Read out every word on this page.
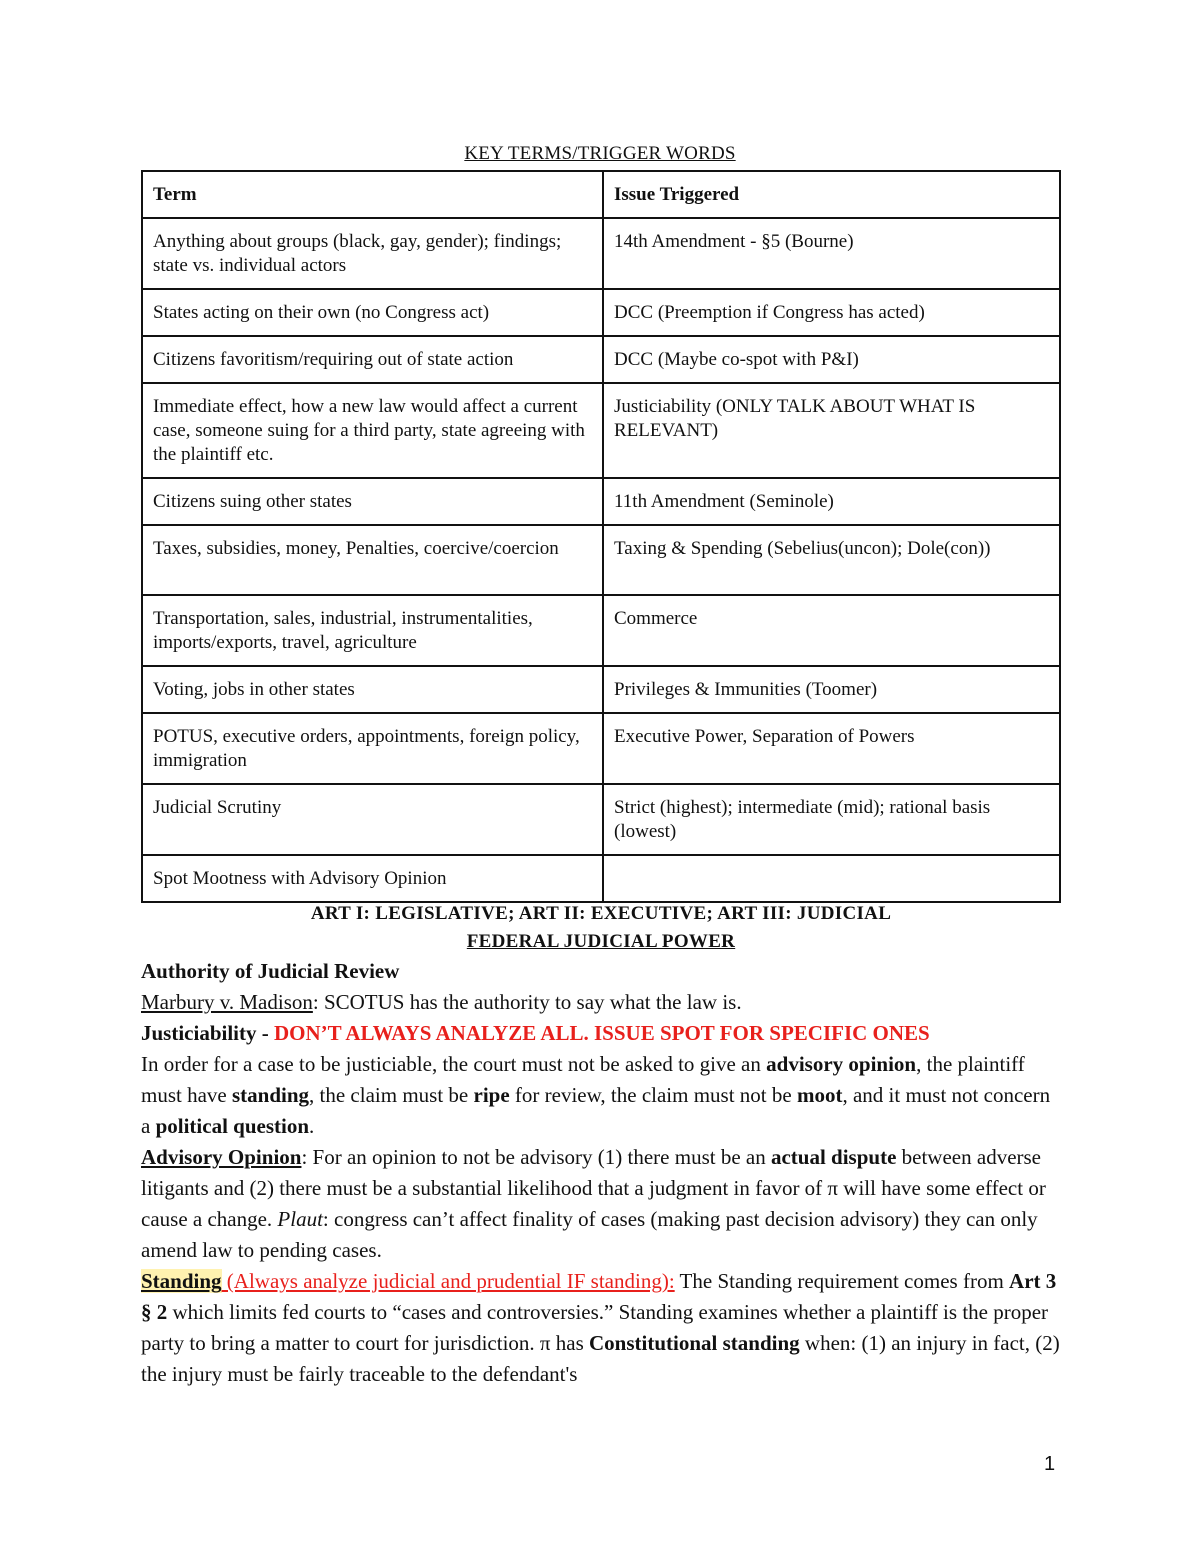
KEY TERMS/TRIGGER WORDS
Term	Issue Triggered
Anything about groups (black, gay, gender); findings; state vs. individual actors	14th Amendment - §5 (Bourne)
States acting on their own (no Congress act)	DCC (Preemption if Congress has acted)
Citizens favoritism/requiring out of state action	DCC (Maybe co-spot with P&I)
Immediate effect, how a new law would affect a current case, someone suing for a third party, state agreeing with the plaintiff etc.	Justiciability (ONLY TALK ABOUT WHAT IS RELEVANT)
Citizens suing other states	11th Amendment (Seminole)
Taxes, subsidies, money, Penalties, coercive/coercion	Taxing & Spending (Sebelius(uncon); Dole(con))
Transportation, sales, industrial, instrumentalities, imports/exports, travel, agriculture	Commerce
Voting, jobs in other states	Privileges & Immunities (Toomer)
POTUS, executive orders, appointments, foreign policy, immigration	Executive Power, Separation of Powers
Judicial Scrutiny	Strict (highest); intermediate (mid); rational basis (lowest)
Spot Mootness with Advisory Opinion	
ART I: LEGISLATIVE; ART II: EXECUTIVE; ART III: JUDICIAL
FEDERAL JUDICIAL POWER

Authority of Judicial Review

Marbury v. Madison: SCOTUS has the authority to say what the law is.

Justiciability - DON’T ALWAYS ANALYZE ALL. ISSUE SPOT FOR SPECIFIC ONES

In order for a case to be justiciable, the court must not be asked to give an advisory opinion, the plaintiff must have standing, the claim must be ripe for review, the claim must not be moot, and it must not concern a political question.

Advisory Opinion: For an opinion to not be advisory (1) there must be an actual dispute between adverse litigants and (2) there must be a substantial likelihood that a judgment in favor of π will have some effect or cause a change. Plaut: congress can’t affect finality of cases (making past decision advisory) they can only amend law to pending cases.

Standing (Always analyze judicial and prudential IF standing): The Standing requirement comes from Art 3 § 2 which limits fed courts to “cases and controversies.” Standing examines whether a plaintiff is the proper party to bring a matter to court for jurisdiction. π has Constitutional standing when: (1) an injury in fact, (2) the injury must be fairly traceable to the defendant's

1
